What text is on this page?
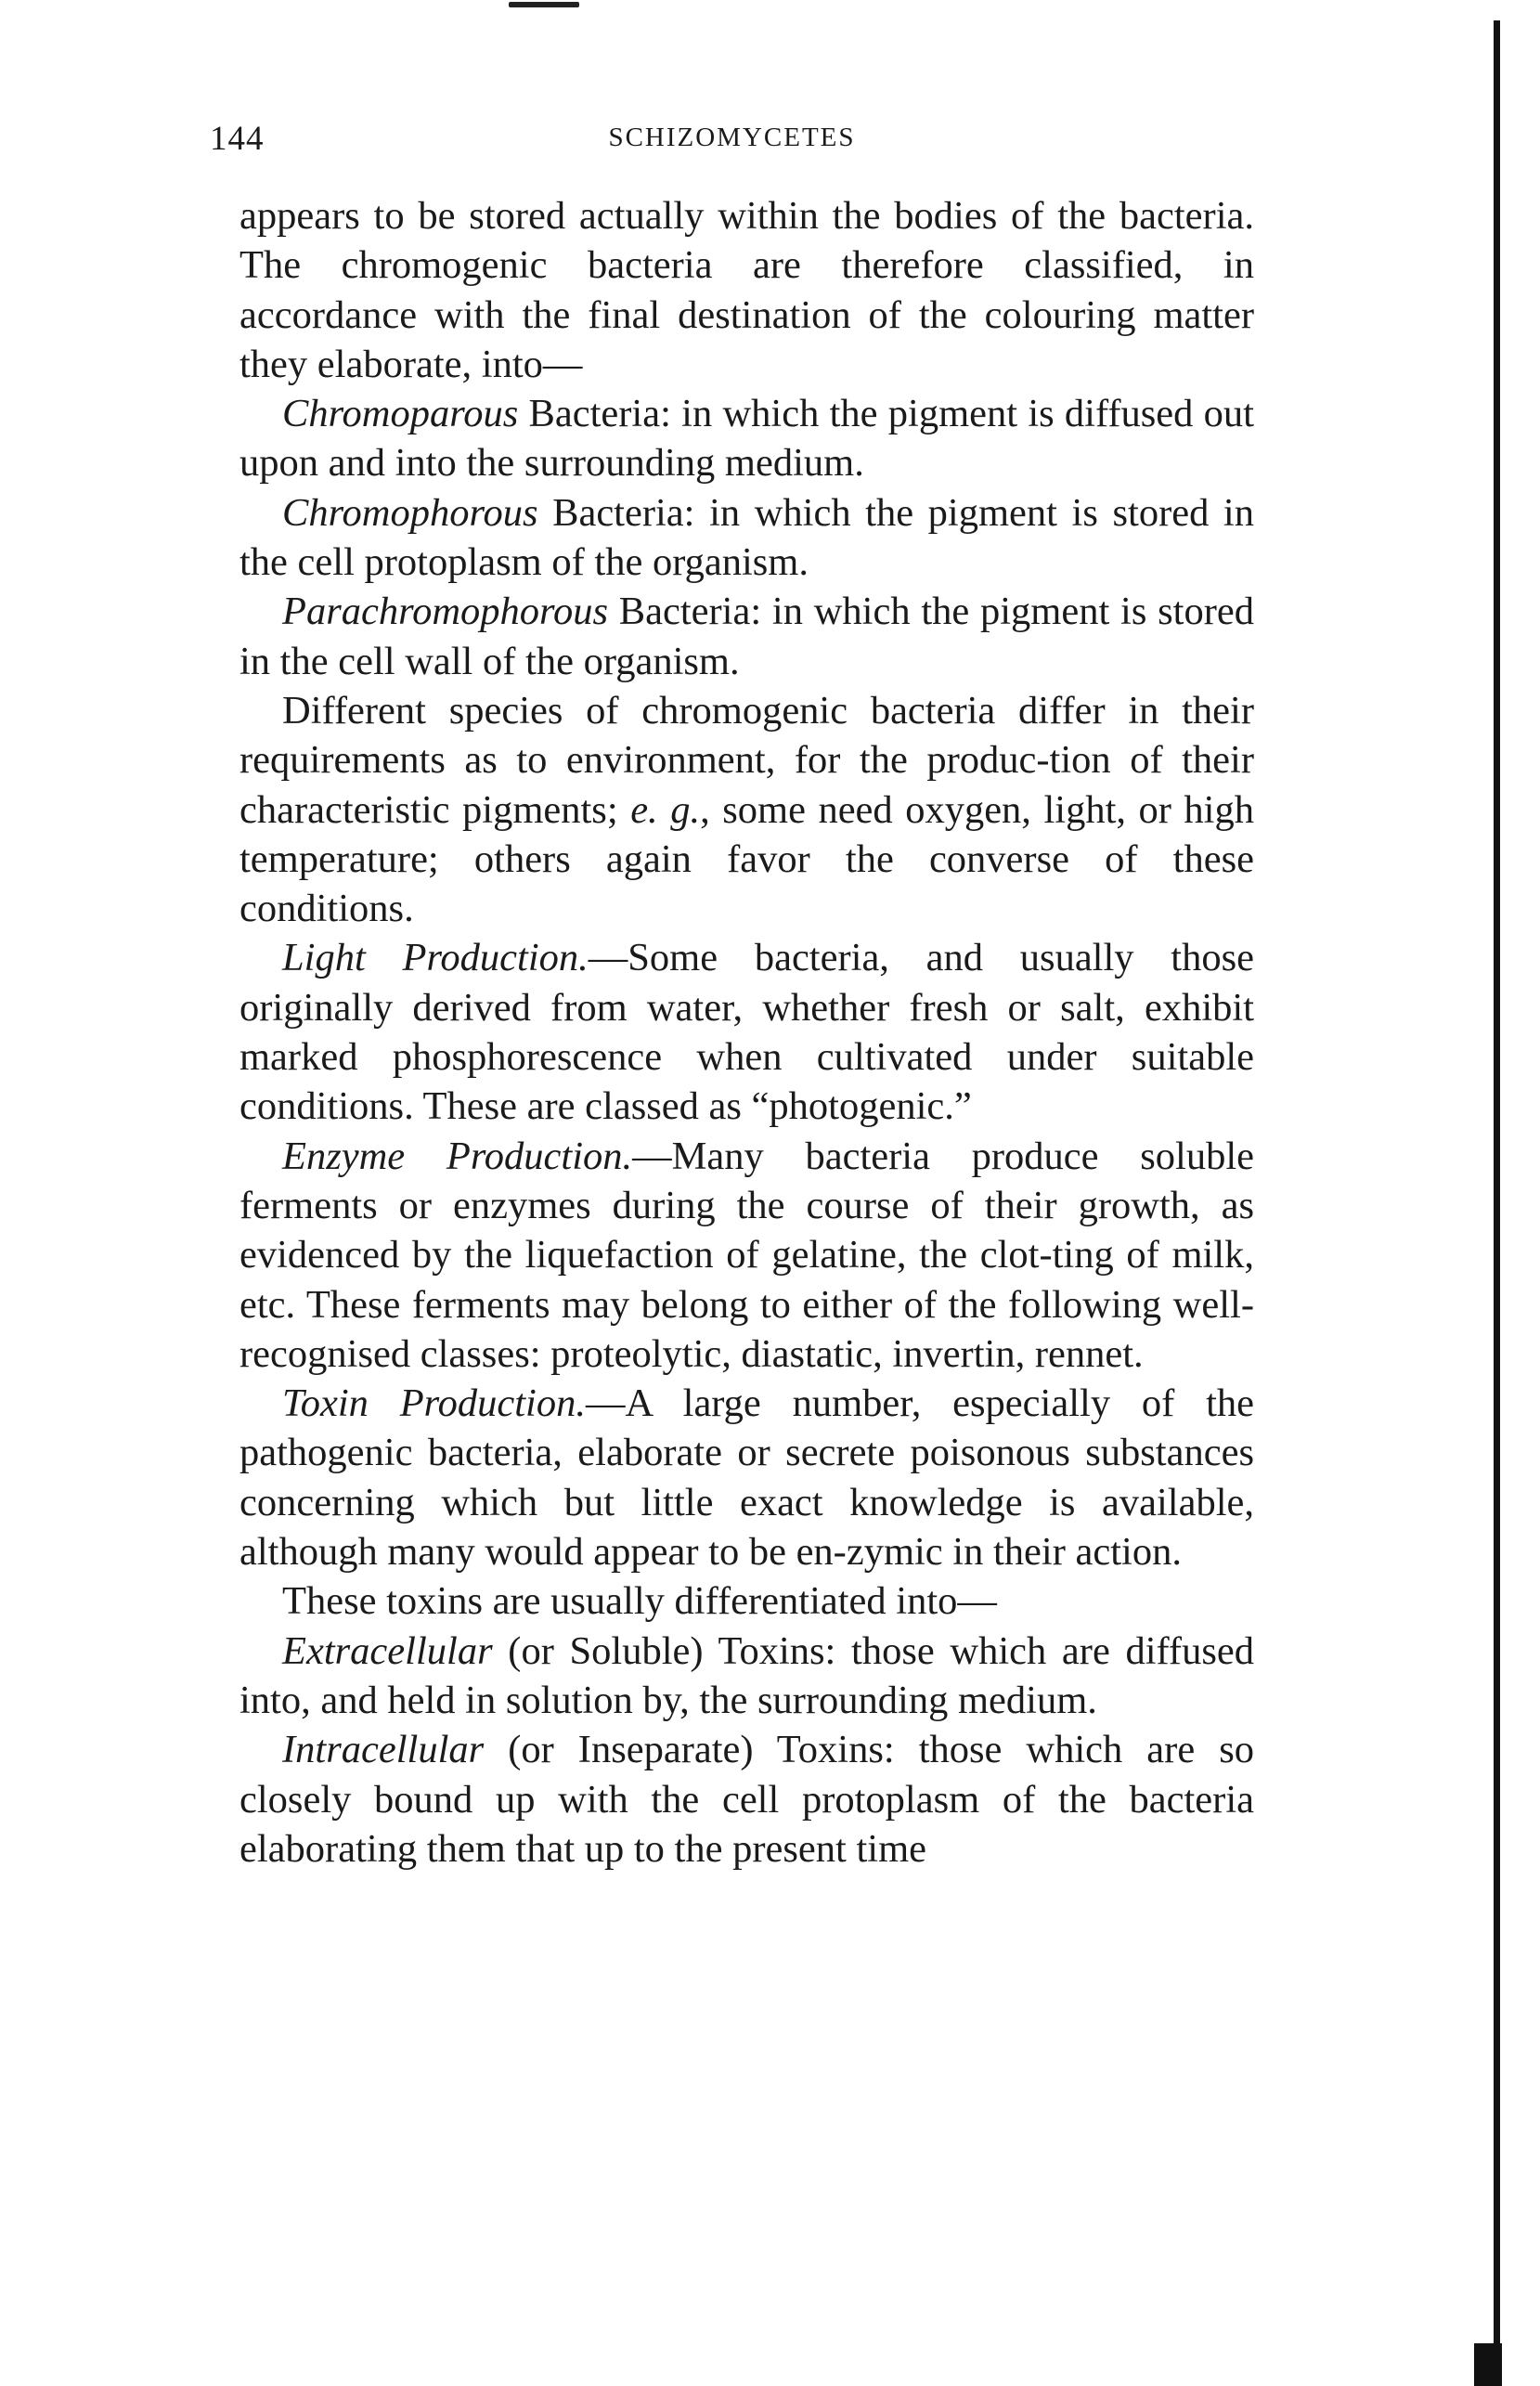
144	SCHIZOMYCETES

appears to be stored actually within the bodies of the bacteria. The chromogenic bacteria are therefore classified, in accordance with the final destination of the colouring matter they elaborate, into—

Chromoparous Bacteria: in which the pigment is diffused out upon and into the surrounding medium.

Chromophorous Bacteria: in which the pigment is stored in the cell protoplasm of the organism.

Parachromophorous Bacteria: in which the pigment is stored in the cell wall of the organism.

Different species of chromogenic bacteria differ in their requirements as to environment, for the produc-tion of their characteristic pigments; e. g., some need oxygen, light, or high temperature; others again favor the converse of these conditions.

Light Production.—Some bacteria, and usually those originally derived from water, whether fresh or salt, exhibit marked phosphorescence when cultivated under suitable conditions. These are classed as “photogenic.”

Enzyme Production.—Many bacteria produce soluble ferments or enzymes during the course of their growth, as evidenced by the liquefaction of gelatine, the clot-ting of milk, etc. These ferments may belong to either of the following well-recognised classes: proteolytic, diastatic, invertin, rennet.

Toxin Production.—A large number, especially of the pathogenic bacteria, elaborate or secrete poisonous substances concerning which but little exact knowledge is available, although many would appear to be en-zymic in their action.

These toxins are usually differentiated into—

Extracellular (or Soluble) Toxins: those which are diffused into, and held in solution by, the surrounding medium.

Intracellular (or Inseparate) Toxins: those which are so closely bound up with the cell protoplasm of the bacteria elaborating them that up to the present time
